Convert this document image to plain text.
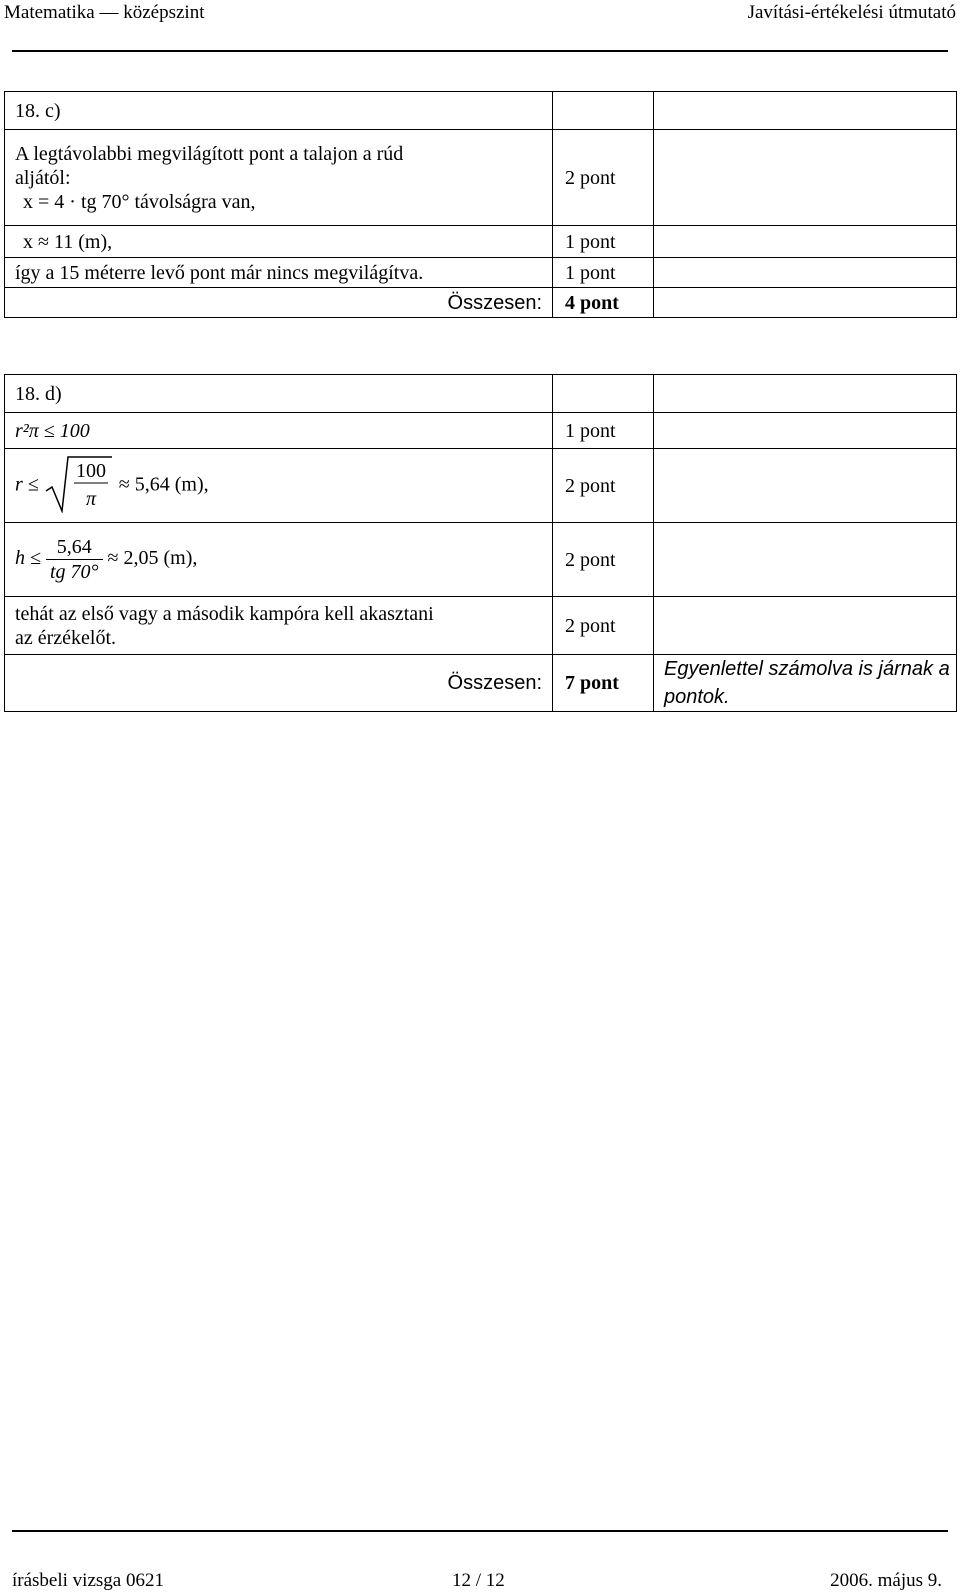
Matematika — középszint	Javítási-értékelési útmutató
18. c)		

A legtávolabbi megvilágított pont a talajon a rúd
aljától:
x = 4 · tg 70° távolságra van,	2 pont	
x ≈ 11 (m),	1 pont	
így a 15 méterre levő pont már nincs megvilágítva.	1 pont	
Összesen:	4 pont	
18. d)		
r²π ≤ 100	1 pont	
r ≤
100
π
≈ 5,64 (m),	2 pont	
$h \le \frac{5,64}{tg 70^\circ} \approx 2,05$ (m),	2 pont	

tehát az első vagy a második kampóra kell akasztani
az érzékelőt.	2 pont	
Összesen:	7 pont	Egyenlettel számolva is járnak a pontok.
írásbeli vizsga 0621	12 / 12	2006. május 9.
